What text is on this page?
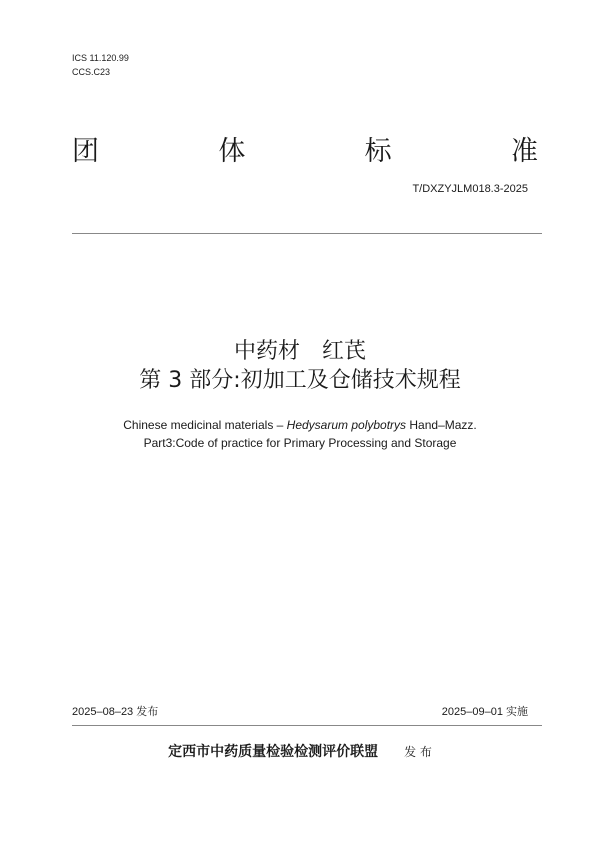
ICS 11.120.99
CCS.C23
团	体	标	准
T/DXZYJLM018.3-2025
中药材 红芪
第 3 部分:初加工及仓储技术规程
Chinese medicinal materials – Hedysarum polybotrys Hand–Mazz.
Part3:Code of practice for Primary Processing and Storage
2025–08–23 发布	2025–09–01 实施
定西市中药质量检验检测评价联盟 发 布
